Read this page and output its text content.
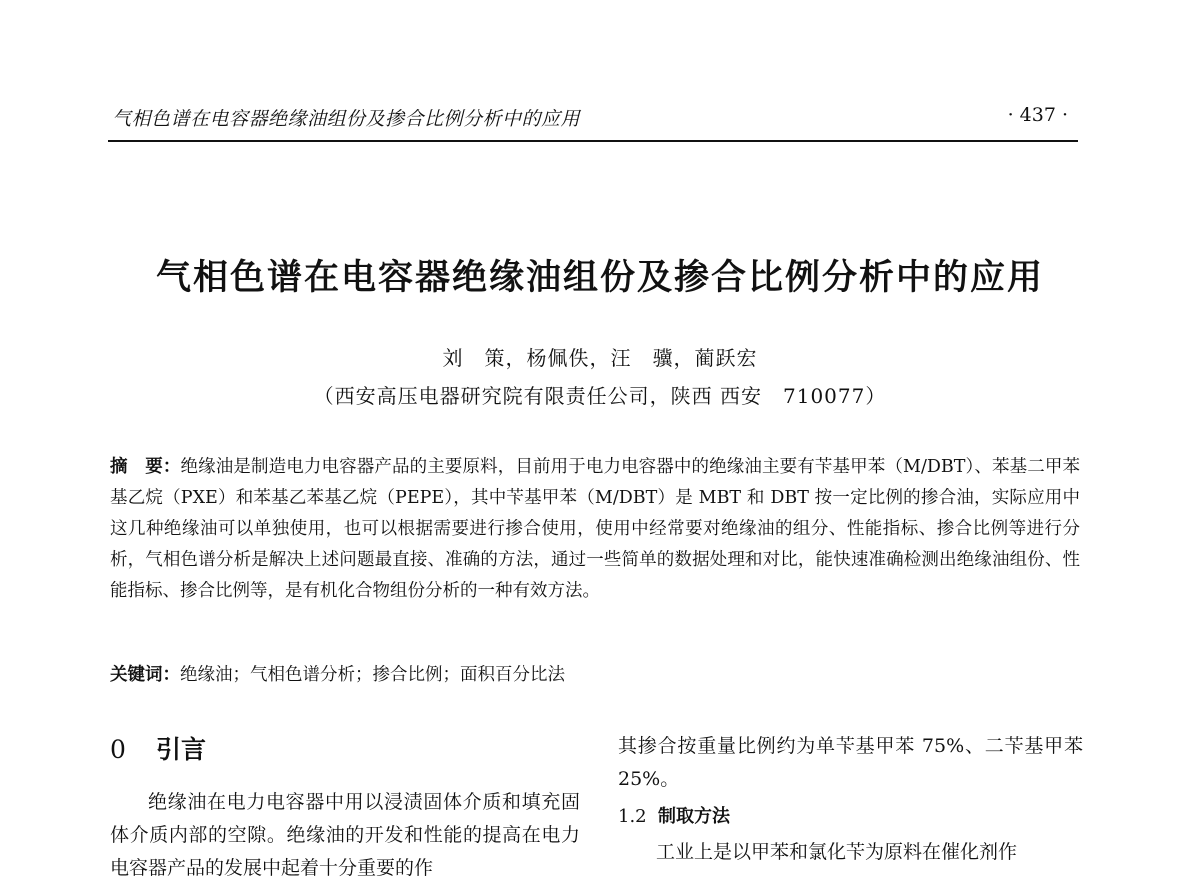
气相色谱在电容器绝缘油组份及掺合比例分析中的应用	· 437 ·
气相色谱在电容器绝缘油组份及掺合比例分析中的应用
刘　策，杨佩佚，汪　骥，蔺跃宏
（西安高压电器研究院有限责任公司，陕西 西安　710077）
摘　要：绝缘油是制造电力电容器产品的主要原料，目前用于电力电容器中的绝缘油主要有苄基甲苯（M/DBT）、苯基二甲苯基乙烷（PXE）和苯基乙苯基乙烷（PEPE），其中苄基甲苯（M/DBT）是 MBT 和 DBT 按一定比例的掺合油，实际应用中这几种绝缘油可以单独使用，也可以根据需要进行掺合使用，使用中经常要对绝缘油的组分、性能指标、掺合比例等进行分析，气相色谱分析是解决上述问题最直接、准确的方法，通过一些简单的数据处理和对比，能快速准确检测出绝缘油组份、性能指标、掺合比例等，是有机化合物组份分析的一种有效方法。
关键词：绝缘油；气相色谱分析；掺合比例；面积百分比法
0 引言

绝缘油在电力电容器中用以浸渍固体介质和填充固体介质内部的空隙。绝缘油的开发和性能的提高在电力电容器产品的发展中起着十分重要的作

其掺合按重量比例约为单苄基甲苯 75%、二苄基甲苯 25%。

1.2 制取方法

工业上是以甲苯和氯化苄为原料在催化剂作
